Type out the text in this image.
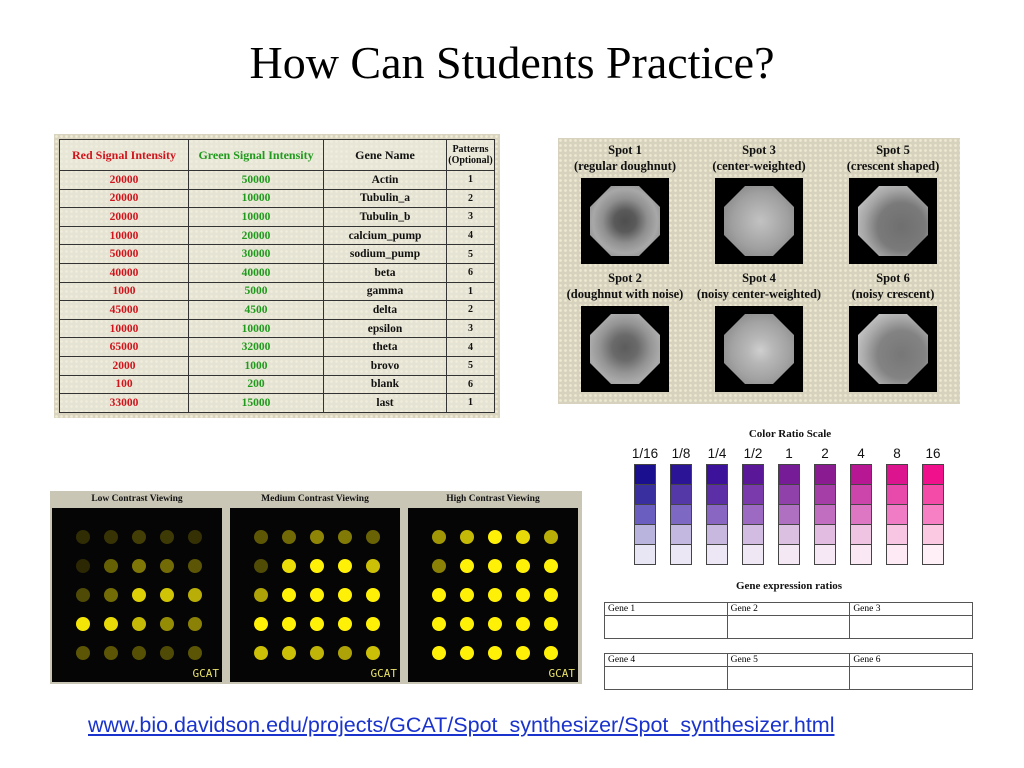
How Can Students Practice?
Red Signal Intensity	Green Signal Intensity	Gene Name	Patterns
(Optional)
20000	50000	Actin	1
20000	10000	Tubulin_a	2
20000	10000	Tubulin_b	3
10000	20000	calcium_pump	4
50000	30000	sodium_pump	5
40000	40000	beta	6
1000	5000	gamma	1
45000	4500	delta	2
10000	10000	epsilon	3
65000	32000	theta	4
2000	1000	brovo	5
100	200	blank	6
33000	15000	last	1
Spot 1
(regular doughnut)
Spot 3
(center-weighted)
Spot 5
(crescent shaped)
Spot 2
(doughnut with noise)
Spot 4
(noisy center-weighted)
Spot 6
(noisy crescent)
Low Contrast Viewing
GCAT
Medium Contrast Viewing
GCAT
High Contrast Viewing
GCAT
Color Ratio Scale
1/16 1/8	1/4	1/2	1	2	4	8	16
Gene expression ratios
Gene 1	Gene 2	Gene 3

Gene 4	Gene 5	Gene 6

www.bio.davidson.edu/projects/GCAT/Spot_synthesizer/Spot_synthesizer.html
